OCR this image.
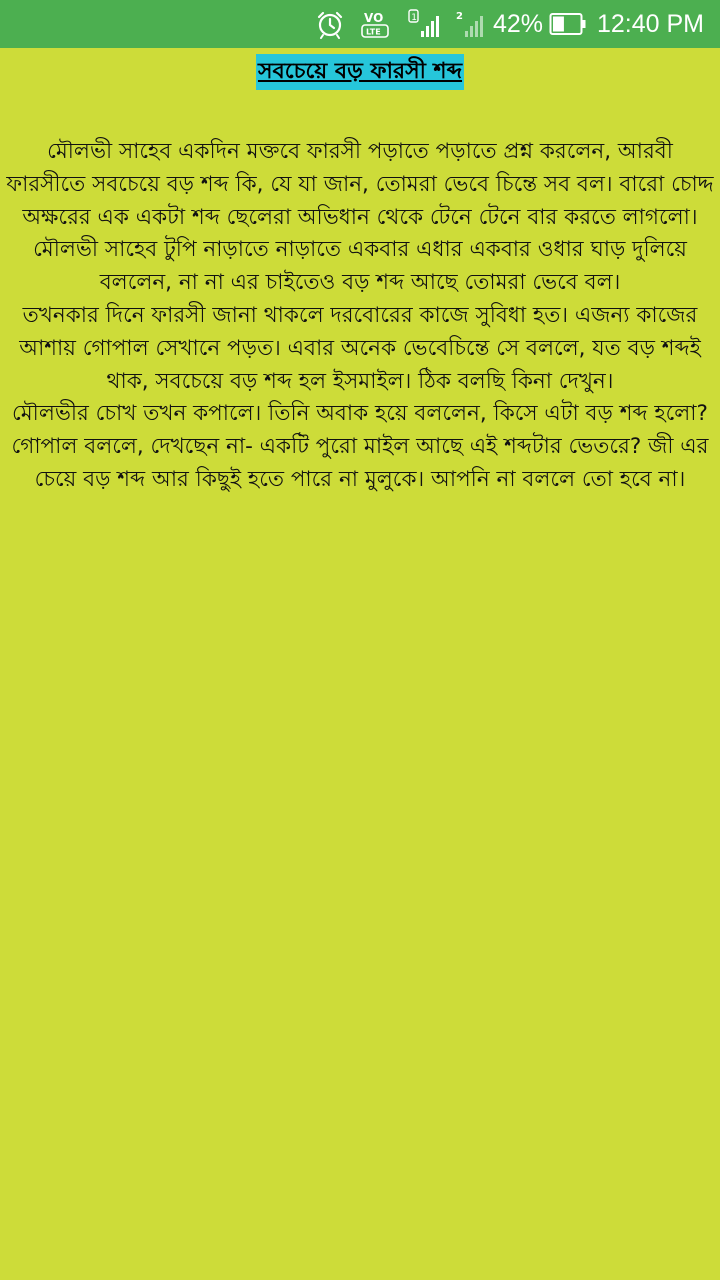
VO
LTE
1	2 42% 12:40 PM
সবচেয়ে বড় ফারসী শব্দ

মৌলভী সাহেব একদিন মক্তবে ফারসী পড়াতে পড়াতে প্রশ্ন করলেন, আরবী ফারসীতে সবচেয়ে বড় শব্দ কি, যে যা জান, তোমরা ভেবে চিন্তে সব বল। বারো চোদ্দ অক্ষরের এক একটা শব্দ ছেলেরা অভিধান থেকে টেনে টেনে বার করতে লাগলো। মৌলভী সাহেব টুপি নাড়াতে নাড়াতে একবার এধার একবার ওধার ঘাড় দুলিয়ে বললেন, না না এর চাইতেও বড় শব্দ আছে তোমরা ভেবে বল।

তখনকার দিনে ফারসী জানা থাকলে দরবোরের কাজে সুবিধা হত। এজন্য কাজের আশায় গোপাল সেখানে পড়ত। এবার অনেক ভেবেচিন্তে সে বললে, যত বড় শব্দই থাক, সবচেয়ে বড় শব্দ হল ইসমাইল। ঠিক বলছি কিনা দেখুন।

মৌলভীর চোখ তখন কপালে। তিনি অবাক হয়ে বললেন, কিসে এটা বড় শব্দ হলো? গোপাল বললে, দেখছেন না- একটি পুরো মাইল আছে এই শব্দটার ভেতরে? জী এর চেয়ে বড় শব্দ আর কিছুই হতে পারে না মুলুকে। আপনি না বললে তো হবে না।
